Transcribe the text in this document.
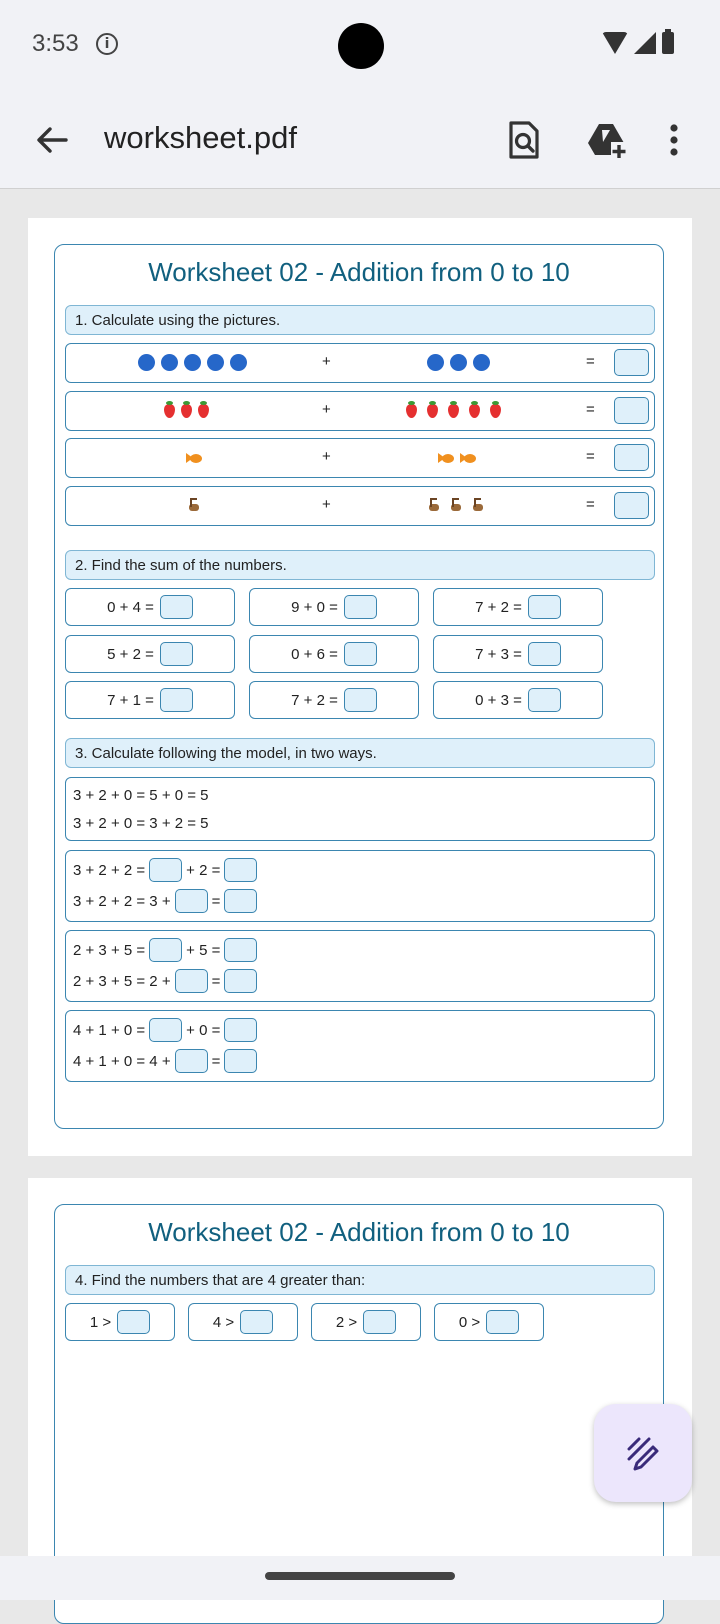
3:53	i
worksheet.pdf
Worksheet 02 - Addition from 0 to 10
1. Calculate using the pictures.
+	=
+	=
+	=
+	=
2. Find the sum of the numbers.
0 + 4 =	9 + 0 =	7 + 2 =
5 + 2 =	0 + 6 =	7 + 3 =
7 + 1 =	7 + 2 =	0 + 3 =
3. Calculate following the model, in two ways.
3 + 2 + 0 = 5 + 0 = 5
3 + 2 + 0 = 3 + 2 = 5
3 + 2 + 2 =	+ 2 =
3 + 2 + 2 = 3 +	=
2 + 3 + 5 =	+ 5 =
2 + 3 + 5 = 2 +	=
4 + 1 + 0 =	+ 0 =
4 + 1 + 0 = 4 +	=
Worksheet 02 - Addition from 0 to 10
4. Find the numbers that are 4 greater than:
1 >	4 >	2 >	0 >
